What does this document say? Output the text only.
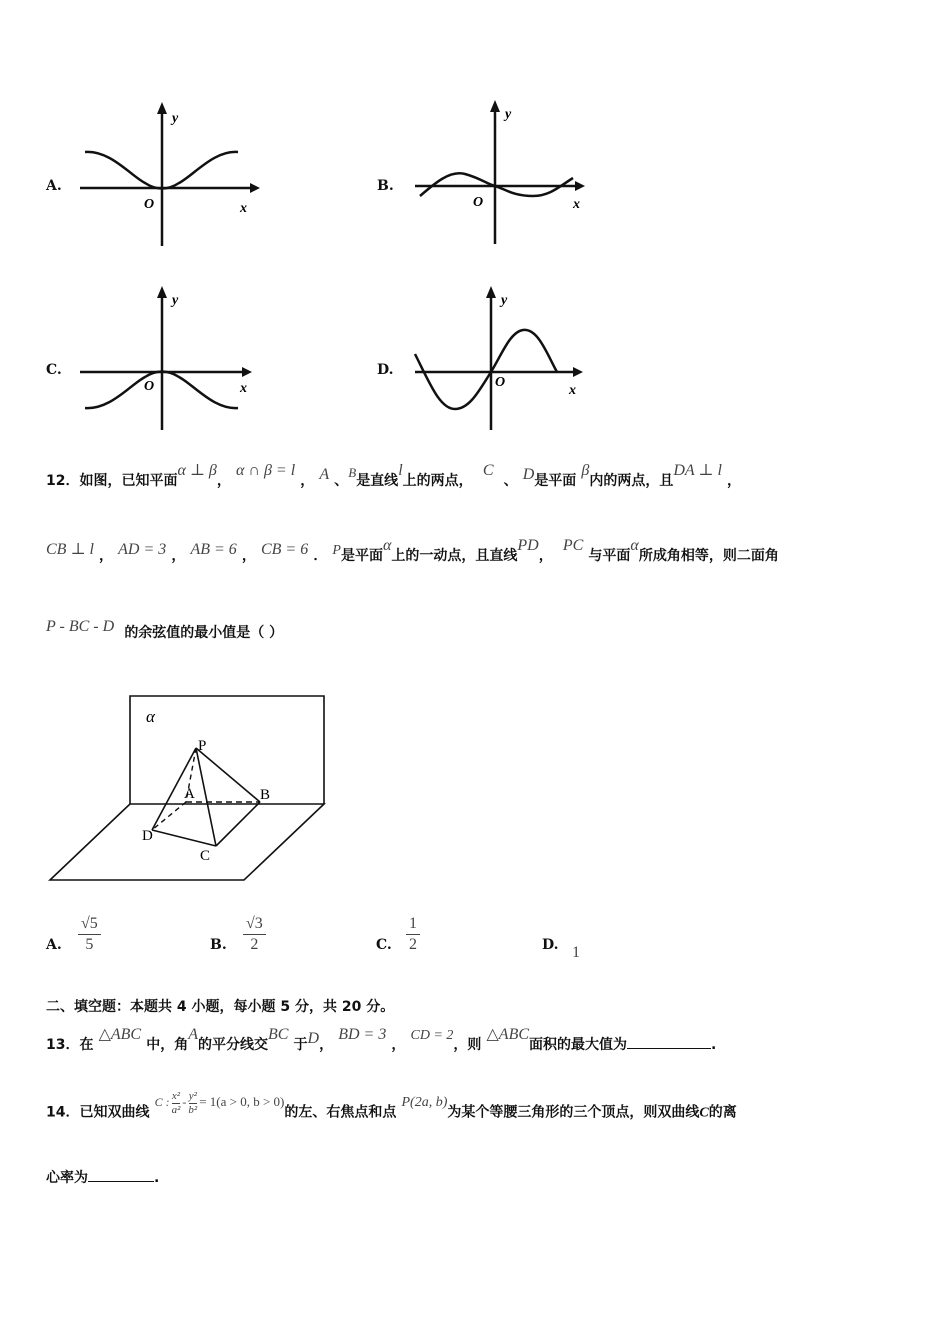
A.
y
x
O
B.
y
x
O
C.
y
x
O
D.
y
x
O
12．如图，已知平面α ⊥ β， α ∩ β = l ， A 、$^B$是直线l上的两点，  C  、 D是平面 β内的两点，且DA ⊥ l ，
CB ⊥ l ， AD = 3 ， AB = 6 ， CB = 6 ． P是平面α上的一动点，且直线PD，  PC 与平面α所成角相等，则二面角
P - BC - D 的余弦值的最小值是（ ）
α
P
A	B
D
C
A. $\frac{√5}{5}$	B. $\frac{√3}{2}$	C. $\frac{1}{2}$	D. 1
二、填空题：本题共 4 小题，每小题 5 分，共 20 分。
13．在 △ABC 中，角A的平分线交BC 于D， BD = 3 ， CD = 2，则 △ABC面积的最大值为	.
14．已知双曲线 $^{C : \frac{\text{x²}}{\text{a²}} - \frac{\text{y²}}{\text{b²}} = 1(a > 0, b > 0)}$的左、右焦点和点 P(2a, b)为某个等腰三角形的三个顶点，则双曲线C的离
心率为	.
